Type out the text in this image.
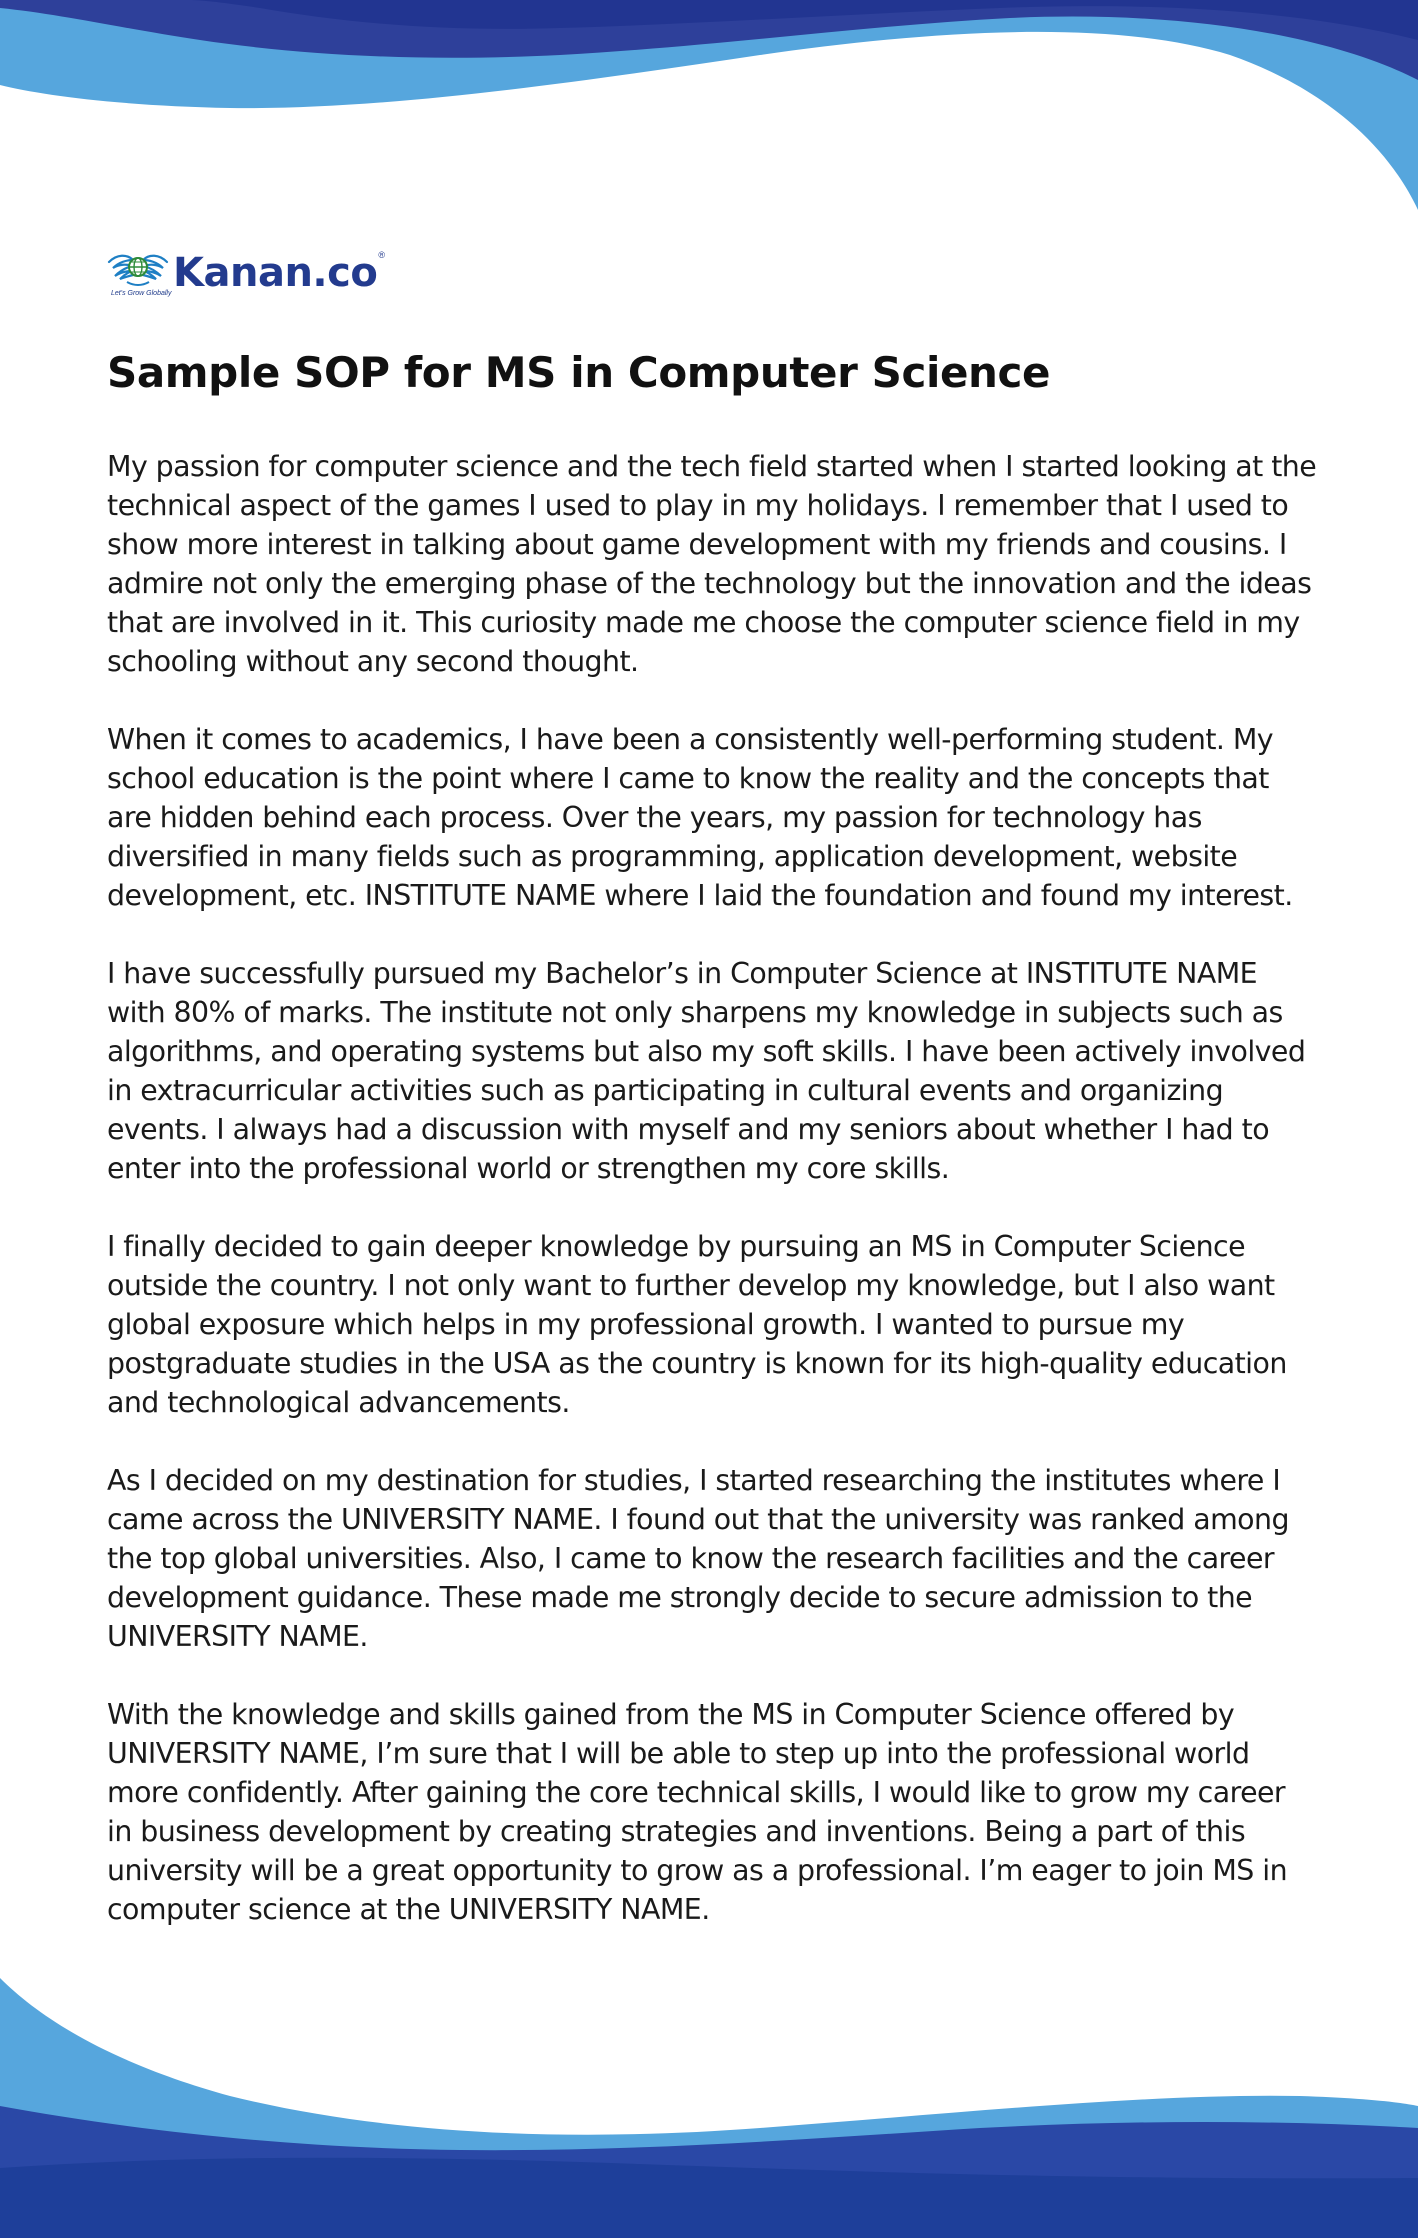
Let's Grow Globally Kanan.co ®
Sample SOP for MS in Computer Science

My passion for computer science and the tech field started when I started looking at the technical aspect of the games I used to play in my holidays. I remember that I used to show more interest in talking about game development with my friends and cousins. I admire not only the emerging phase of the technology but the innovation and the ideas that are involved in it. This curiosity made me choose the computer science field in my schooling without any second thought.

When it comes to academics, I have been a consistently well-performing student. My school education is the point where I came to know the reality and the concepts that are hidden behind each process. Over the years, my passion for technology has diversified in many fields such as programming, application development, website development, etc. INSTITUTE NAME where I laid the foundation and found my interest.

I have successfully pursued my Bachelor’s in Computer Science at INSTITUTE NAME with 80% of marks. The institute not only sharpens my knowledge in subjects such as algorithms, and operating systems but also my soft skills. I have been actively involved in extracurricular activities such as participating in cultural events and organizing events. I always had a discussion with myself and my seniors about whether I had to enter into the professional world or strengthen my core skills.

I finally decided to gain deeper knowledge by pursuing an MS in Computer Science outside the country. I not only want to further develop my knowledge, but I also want global exposure which helps in my professional growth. I wanted to pursue my postgraduate studies in the USA as the country is known for its high-quality education and technological advancements.

As I decided on my destination for studies, I started researching the institutes where I came across the UNIVERSITY NAME. I found out that the university was ranked among the top global universities. Also, I came to know the research facilities and the career development guidance. These made me strongly decide to secure admission to the UNIVERSITY NAME.

With the knowledge and skills gained from the MS in Computer Science offered by UNIVERSITY NAME, I’m sure that I will be able to step up into the professional world more confidently. After gaining the core technical skills, I would like to grow my career in business development by creating strategies and inventions. Being a part of this university will be a great opportunity to grow as a professional. I’m eager to join MS in computer science at the UNIVERSITY NAME.
